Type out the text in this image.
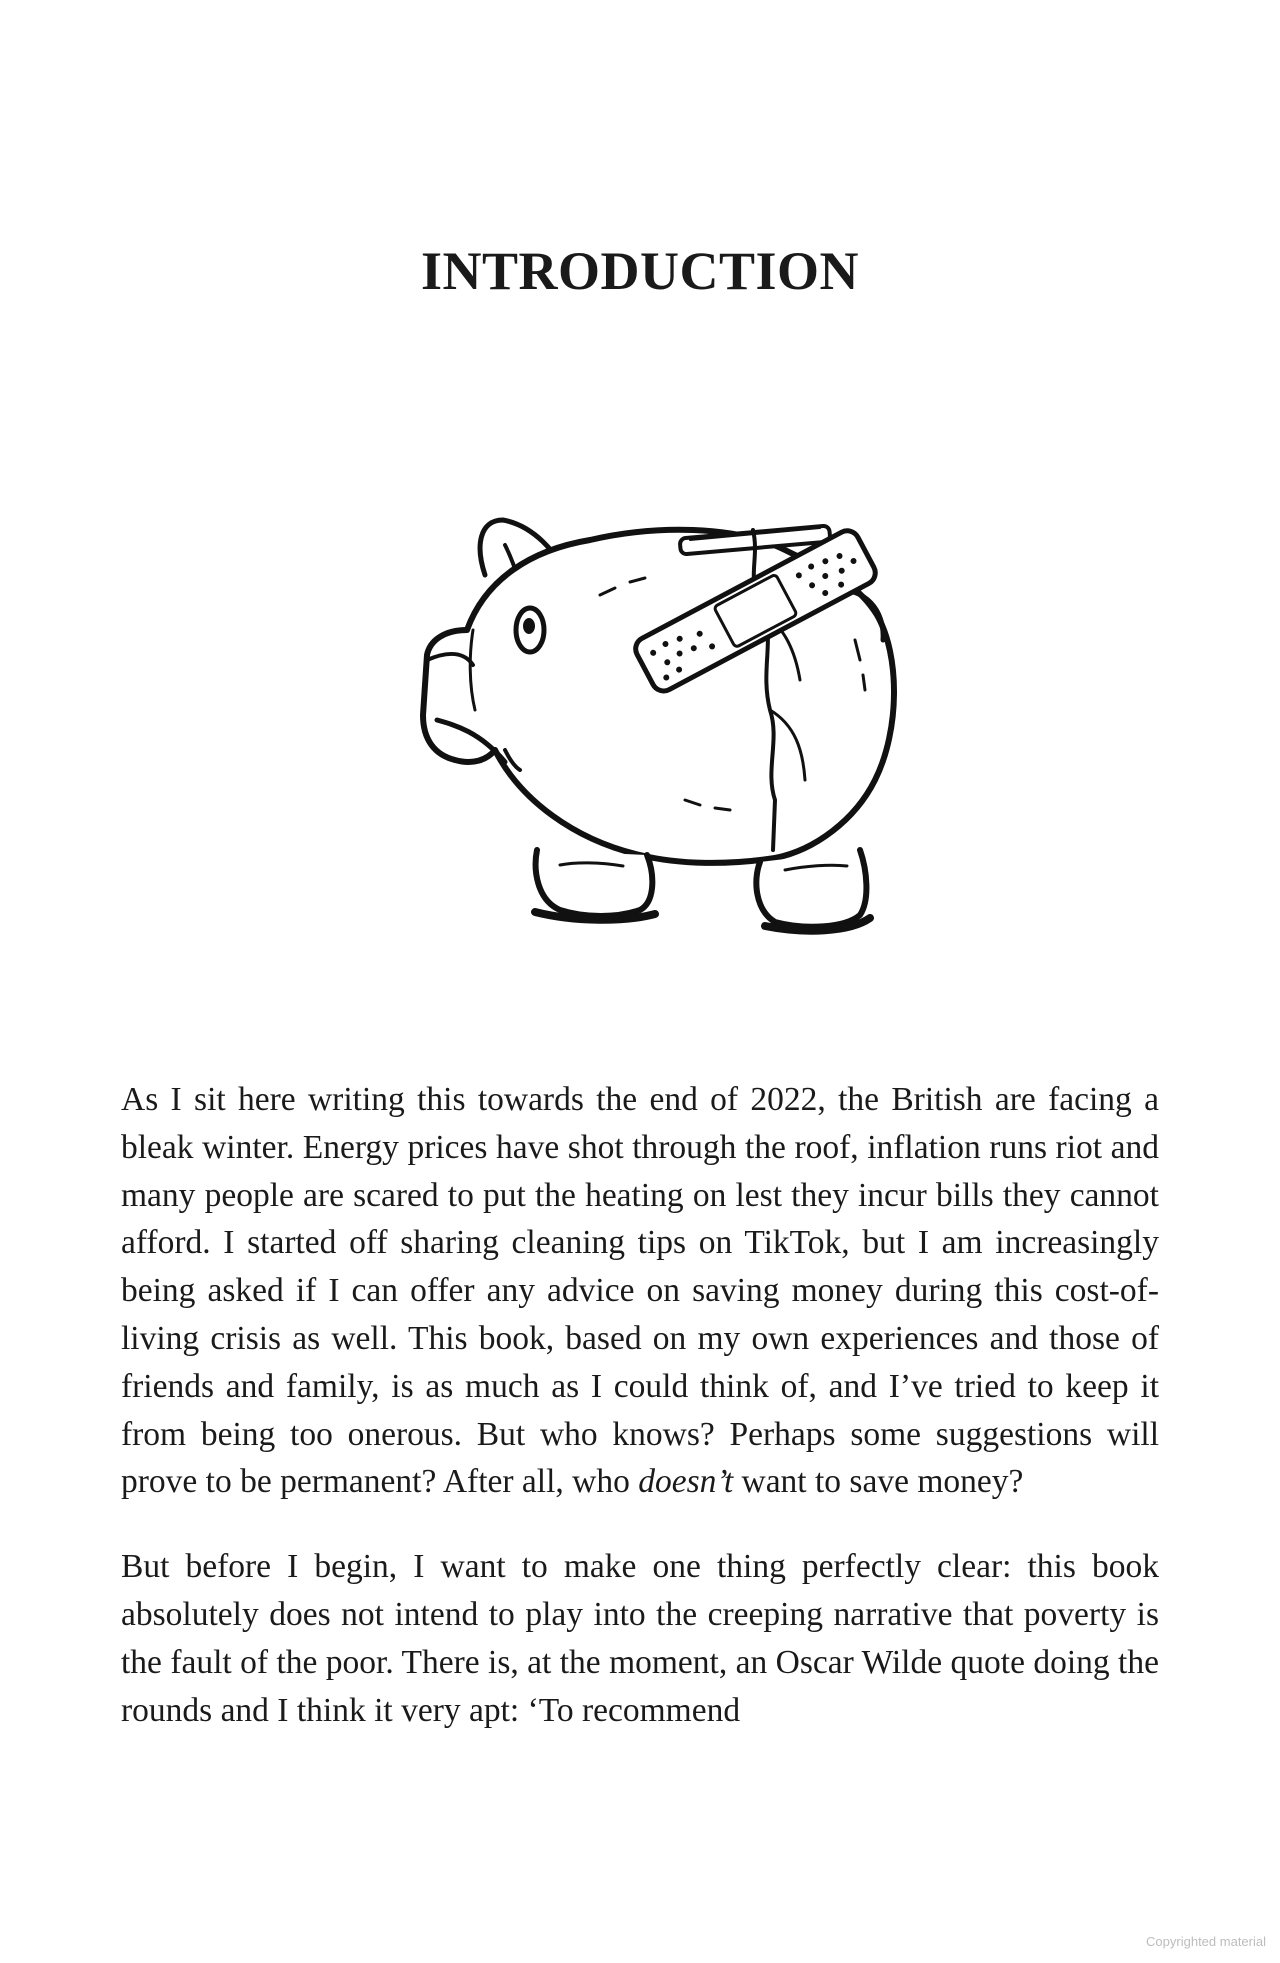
INTRODUCTION

As I sit here writing this towards the end of 2022, the British are facing a bleak winter. Energy prices have shot through the roof, inflation runs riot and many people are scared to put the heating on lest they incur bills they cannot afford. I started off sharing cleaning tips on TikTok, but I am increasingly being asked if I can offer any advice on saving money during this cost-of-living crisis as well. This book, based on my own experiences and those of friends and family, is as much as I could think of, and I’ve tried to keep it from being too onerous. But who knows? Perhaps some suggestions will prove to be permanent? After all, who doesn’t want to save money?

But before I begin, I want to make one thing perfectly clear: this book absolutely does not intend to play into the creeping narrative that poverty is the fault of the poor. There is, at the moment, an Oscar Wilde quote doing the rounds and I think it very apt: ‘To recommend

Copyrighted material
